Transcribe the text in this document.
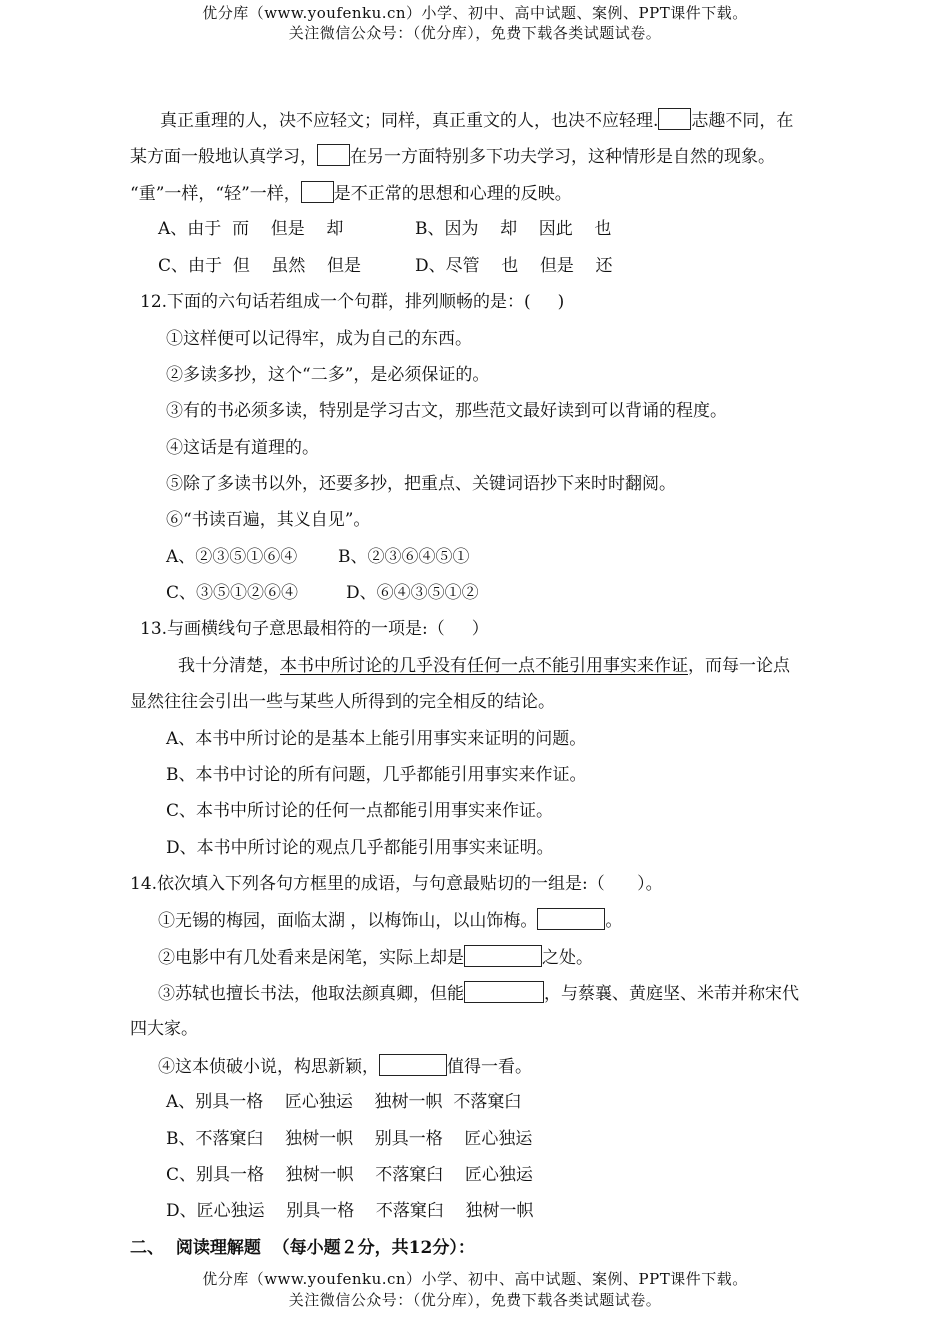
优分库（www.youfenku.cn）小学、初中、高中试题、案例、PPT课件下载。
关注微信公众号：（优分库），免费下载各类试题试卷。
真正重理的人，决不应轻文；同样，真正重文的人，也决不应轻理. 志趣不同，在
某方面一般地认真学习， 在另一方面特别多下功夫学习，这种情形是自然的现象。
“重”一样，“轻”一样， 是不正常的思想和心理的反映。
A、由于  而    但是    却	B、因为    却    因此    也
C、由于  但    虽然    但是	D、尽管    也    但是    还
12.下面的六句话若组成一个句群，排列顺畅的是：(     )
①这样便可以记得牢，成为自己的东西。
②多读多抄，这个“二多”，是必须保证的。
③有的书必须多读，特别是学习古文，那些范文最好读到可以背诵的程度。
④这话是有道理的。
⑤除了多读书以外，还要多抄，把重点、关键词语抄下来时时翻阅。
⑥“书读百遍，其义自见”。
A、②③⑤①⑥④ B、②③⑥④⑤①
C、③⑤①②⑥④	D、⑥④③⑤①②
13.与画横线句子意思最相符的一项是:（     ）
我十分清楚，本书中所讨论的几乎没有任何一点不能引用事实来作证，而每一论点
显然往往会引出一些与某些人所得到的完全相反的结论。
A、本书中所讨论的是基本上能引用事实来证明的问题。
B、本书中讨论的所有问题，几乎都能引用事实来作证。
C、本书中所讨论的任何一点都能引用事实来作证。
D、本书中所讨论的观点几乎都能引用事实来证明。
14.依次填入下列各句方框里的成语，与句意最贴切的一组是:（      ）。
①无锡的梅园，面临太湖 ，以梅饰山，以山饰梅。	。
②电影中有几处看来是闲笔，实际上却是	之处。
③苏轼也擅长书法，他取法颜真卿，但能	，与蔡襄、黄庭坚、米芾并称宋代
四大家。
④这本侦破小说，构思新颖，	值得一看。
A、别具一格    匠心独运    独树一帜  不落窠臼
B、不落窠臼    独树一帜    别具一格    匠心独运
C、别具一格    独树一帜    不落窠臼    匠心独运
D、匠心独运    别具一格    不落窠臼    独树一帜
二、  阅读理解题  （每小题２分，共12分）：
优分库（www.youfenku.cn）小学、初中、高中试题、案例、PPT课件下载。
关注微信公众号：（优分库），免费下载各类试题试卷。
